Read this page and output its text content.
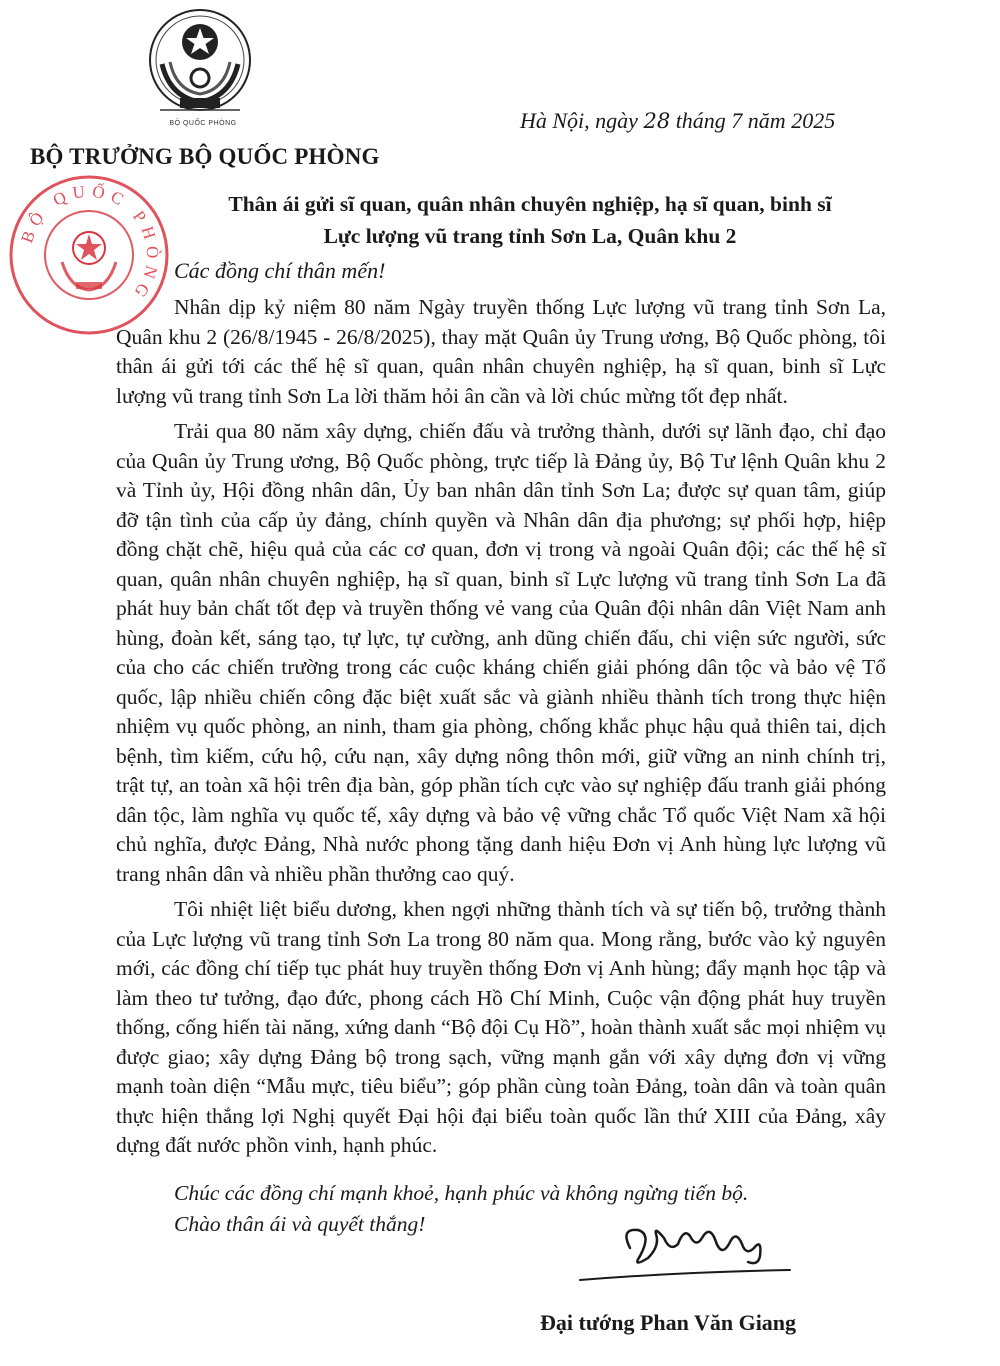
BỘ QUỐC PHÒNG	Hà Nội, ngày 28 tháng 7 năm 2025
BỘ TRƯỞNG BỘ QUỐC PHÒNG
BỘ QUỐC PHÒNG
Thân ái gửi sĩ quan, quân nhân chuyên nghiệp, hạ sĩ quan, binh sĩ
Lực lượng vũ trang tỉnh Sơn La, Quân khu 2
Các đồng chí thân mến!

Nhân dịp kỷ niệm 80 năm Ngày truyền thống Lực lượng vũ trang tỉnh Sơn La, Quân khu 2 (26/8/1945 - 26/8/2025), thay mặt Quân ủy Trung ương, Bộ Quốc phòng, tôi thân ái gửi tới các thế hệ sĩ quan, quân nhân chuyên nghiệp, hạ sĩ quan, binh sĩ Lực lượng vũ trang tỉnh Sơn La lời thăm hỏi ân cần và lời chúc mừng tốt đẹp nhất.

Trải qua 80 năm xây dựng, chiến đấu và trưởng thành, dưới sự lãnh đạo, chỉ đạo của Quân ủy Trung ương, Bộ Quốc phòng, trực tiếp là Đảng ủy, Bộ Tư lệnh Quân khu 2 và Tỉnh ủy, Hội đồng nhân dân, Ủy ban nhân dân tỉnh Sơn La; được sự quan tâm, giúp đỡ tận tình của cấp ủy đảng, chính quyền và Nhân dân địa phương; sự phối hợp, hiệp đồng chặt chẽ, hiệu quả của các cơ quan, đơn vị trong và ngoài Quân đội; các thế hệ sĩ quan, quân nhân chuyên nghiệp, hạ sĩ quan, binh sĩ Lực lượng vũ trang tỉnh Sơn La đã phát huy bản chất tốt đẹp và truyền thống vẻ vang của Quân đội nhân dân Việt Nam anh hùng, đoàn kết, sáng tạo, tự lực, tự cường, anh dũng chiến đấu, chi viện sức người, sức của cho các chiến trường trong các cuộc kháng chiến giải phóng dân tộc và bảo vệ Tổ quốc, lập nhiều chiến công đặc biệt xuất sắc và giành nhiều thành tích trong thực hiện nhiệm vụ quốc phòng, an ninh, tham gia phòng, chống khắc phục hậu quả thiên tai, dịch bệnh, tìm kiếm, cứu hộ, cứu nạn, xây dựng nông thôn mới, giữ vững an ninh chính trị, trật tự, an toàn xã hội trên địa bàn, góp phần tích cực vào sự nghiệp đấu tranh giải phóng dân tộc, làm nghĩa vụ quốc tế, xây dựng và bảo vệ vững chắc Tổ quốc Việt Nam xã hội chủ nghĩa, được Đảng, Nhà nước phong tặng danh hiệu Đơn vị Anh hùng lực lượng vũ trang nhân dân và nhiều phần thưởng cao quý.

Tôi nhiệt liệt biểu dương, khen ngợi những thành tích và sự tiến bộ, trưởng thành của Lực lượng vũ trang tỉnh Sơn La trong 80 năm qua. Mong rằng, bước vào kỷ nguyên mới, các đồng chí tiếp tục phát huy truyền thống Đơn vị Anh hùng; đẩy mạnh học tập và làm theo tư tưởng, đạo đức, phong cách Hồ Chí Minh, Cuộc vận động phát huy truyền thống, cống hiến tài năng, xứng danh “Bộ đội Cụ Hồ”, hoàn thành xuất sắc mọi nhiệm vụ được giao; xây dựng Đảng bộ trong sạch, vững mạnh gắn với xây dựng đơn vị vững mạnh toàn diện “Mẫu mực, tiêu biểu”; góp phần cùng toàn Đảng, toàn dân và toàn quân thực hiện thắng lợi Nghị quyết Đại hội đại biểu toàn quốc lần thứ XIII của Đảng, xây dựng đất nước phồn vinh, hạnh phúc.

Chúc các đồng chí mạnh khoẻ, hạnh phúc và không ngừng tiến bộ.
Chào thân ái và quyết thắng!
Đại tướng Phan Văn Giang
